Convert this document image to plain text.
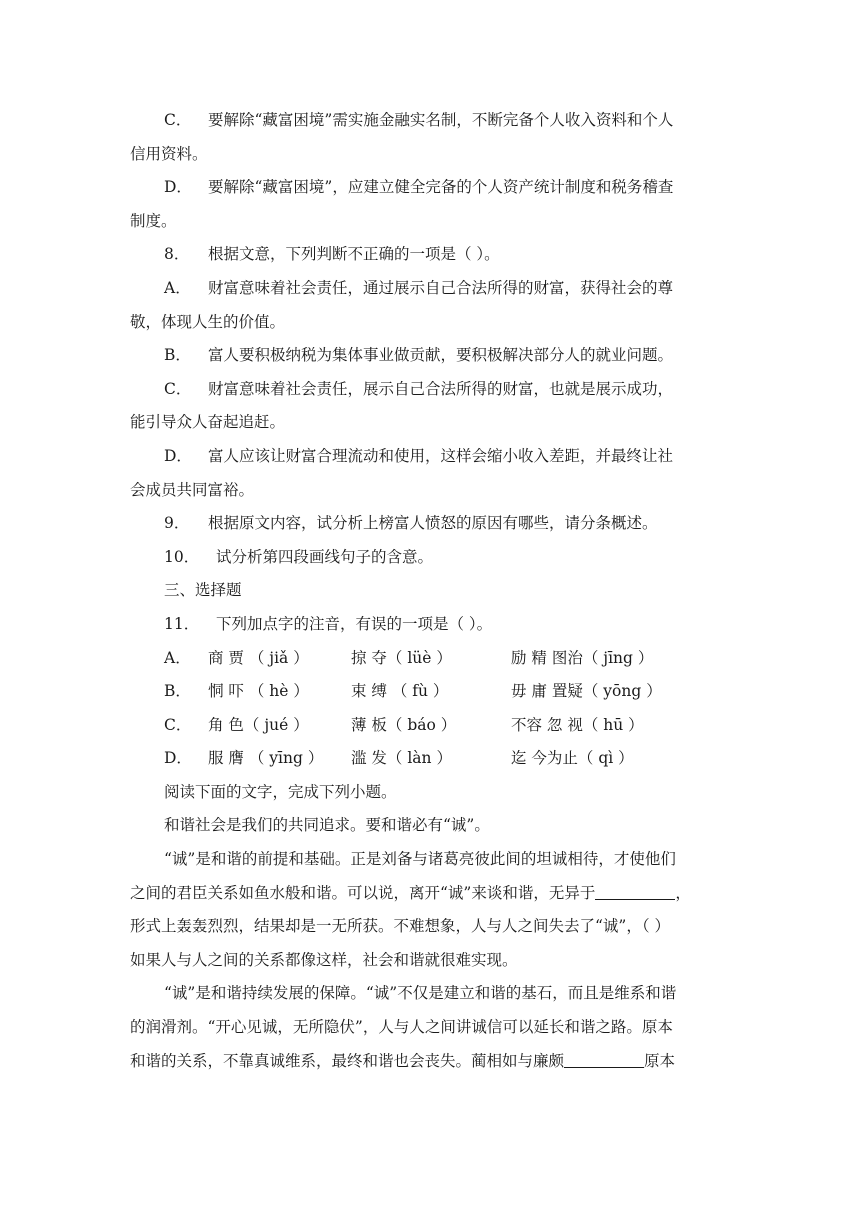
C． 要解除“藏富困境”需实施金融实名制，不断完备个人收入资料和个人
信用资料。
D． 要解除“藏富困境”，应建立健全完备的个人资产统计制度和税务稽查
制度。
8． 根据文意，下列判断不正确的一项是（ ）。
A． 财富意味着社会责任，通过展示自己合法所得的财富，获得社会的尊
敬，体现人生的价值。
B． 富人要积极纳税为集体事业做贡献，要积极解决部分人的就业问题。
C． 财富意味着社会责任，展示自己合法所得的财富，也就是展示成功，
能引导众人奋起追赶。
D． 富人应该让财富合理流动和使用，这样会缩小收入差距，并最终让社
会成员共同富裕。
9． 根据原文内容，试分析上榜富人愤怒的原因有哪些，请分条概述。
10． 试分析第四段画线句子的含意。
三、选择题
11． 下列加点字的注音，有误的一项是（ ）。
A．	商 贾 （ jiǎ ）	掠 夺（ lüè ）	励 精 图治（ jīng ）
B．	恫 吓 （ hè ）	束 缚 （ fù ）	毋 庸 置疑（ yōng ）
C．	角 色（ jué ）	薄 板（ báo ）	不容 忽 视（ hū ）
D．	服 膺 （ yīng ）	滥 发（ làn ）	迄 今为止（ qì ）
阅读下面的文字，完成下列小题。
和谐社会是我们的共同追求。要和谐必有“诚”。
“诚”是和谐的前提和基础。正是刘备与诸葛亮彼此间的坦诚相待，才使他们
之间的君臣关系如鱼水般和谐。可以说，离开“诚”来谈和谐，无异于	，
形式上轰轰烈烈，结果却是一无所获。不难想象，人与人之间失去了“诚”，（ ）
如果人与人之间的关系都像这样，社会和谐就很难实现。
“诚”是和谐持续发展的保障。“诚”不仅是建立和谐的基石，而且是维系和谐
的润滑剂。“开心见诚，无所隐伏”，人与人之间讲诚信可以延长和谐之路。原本
和谐的关系，不靠真诚维系，最终和谐也会丧失。蔺相如与廉颇	原本
